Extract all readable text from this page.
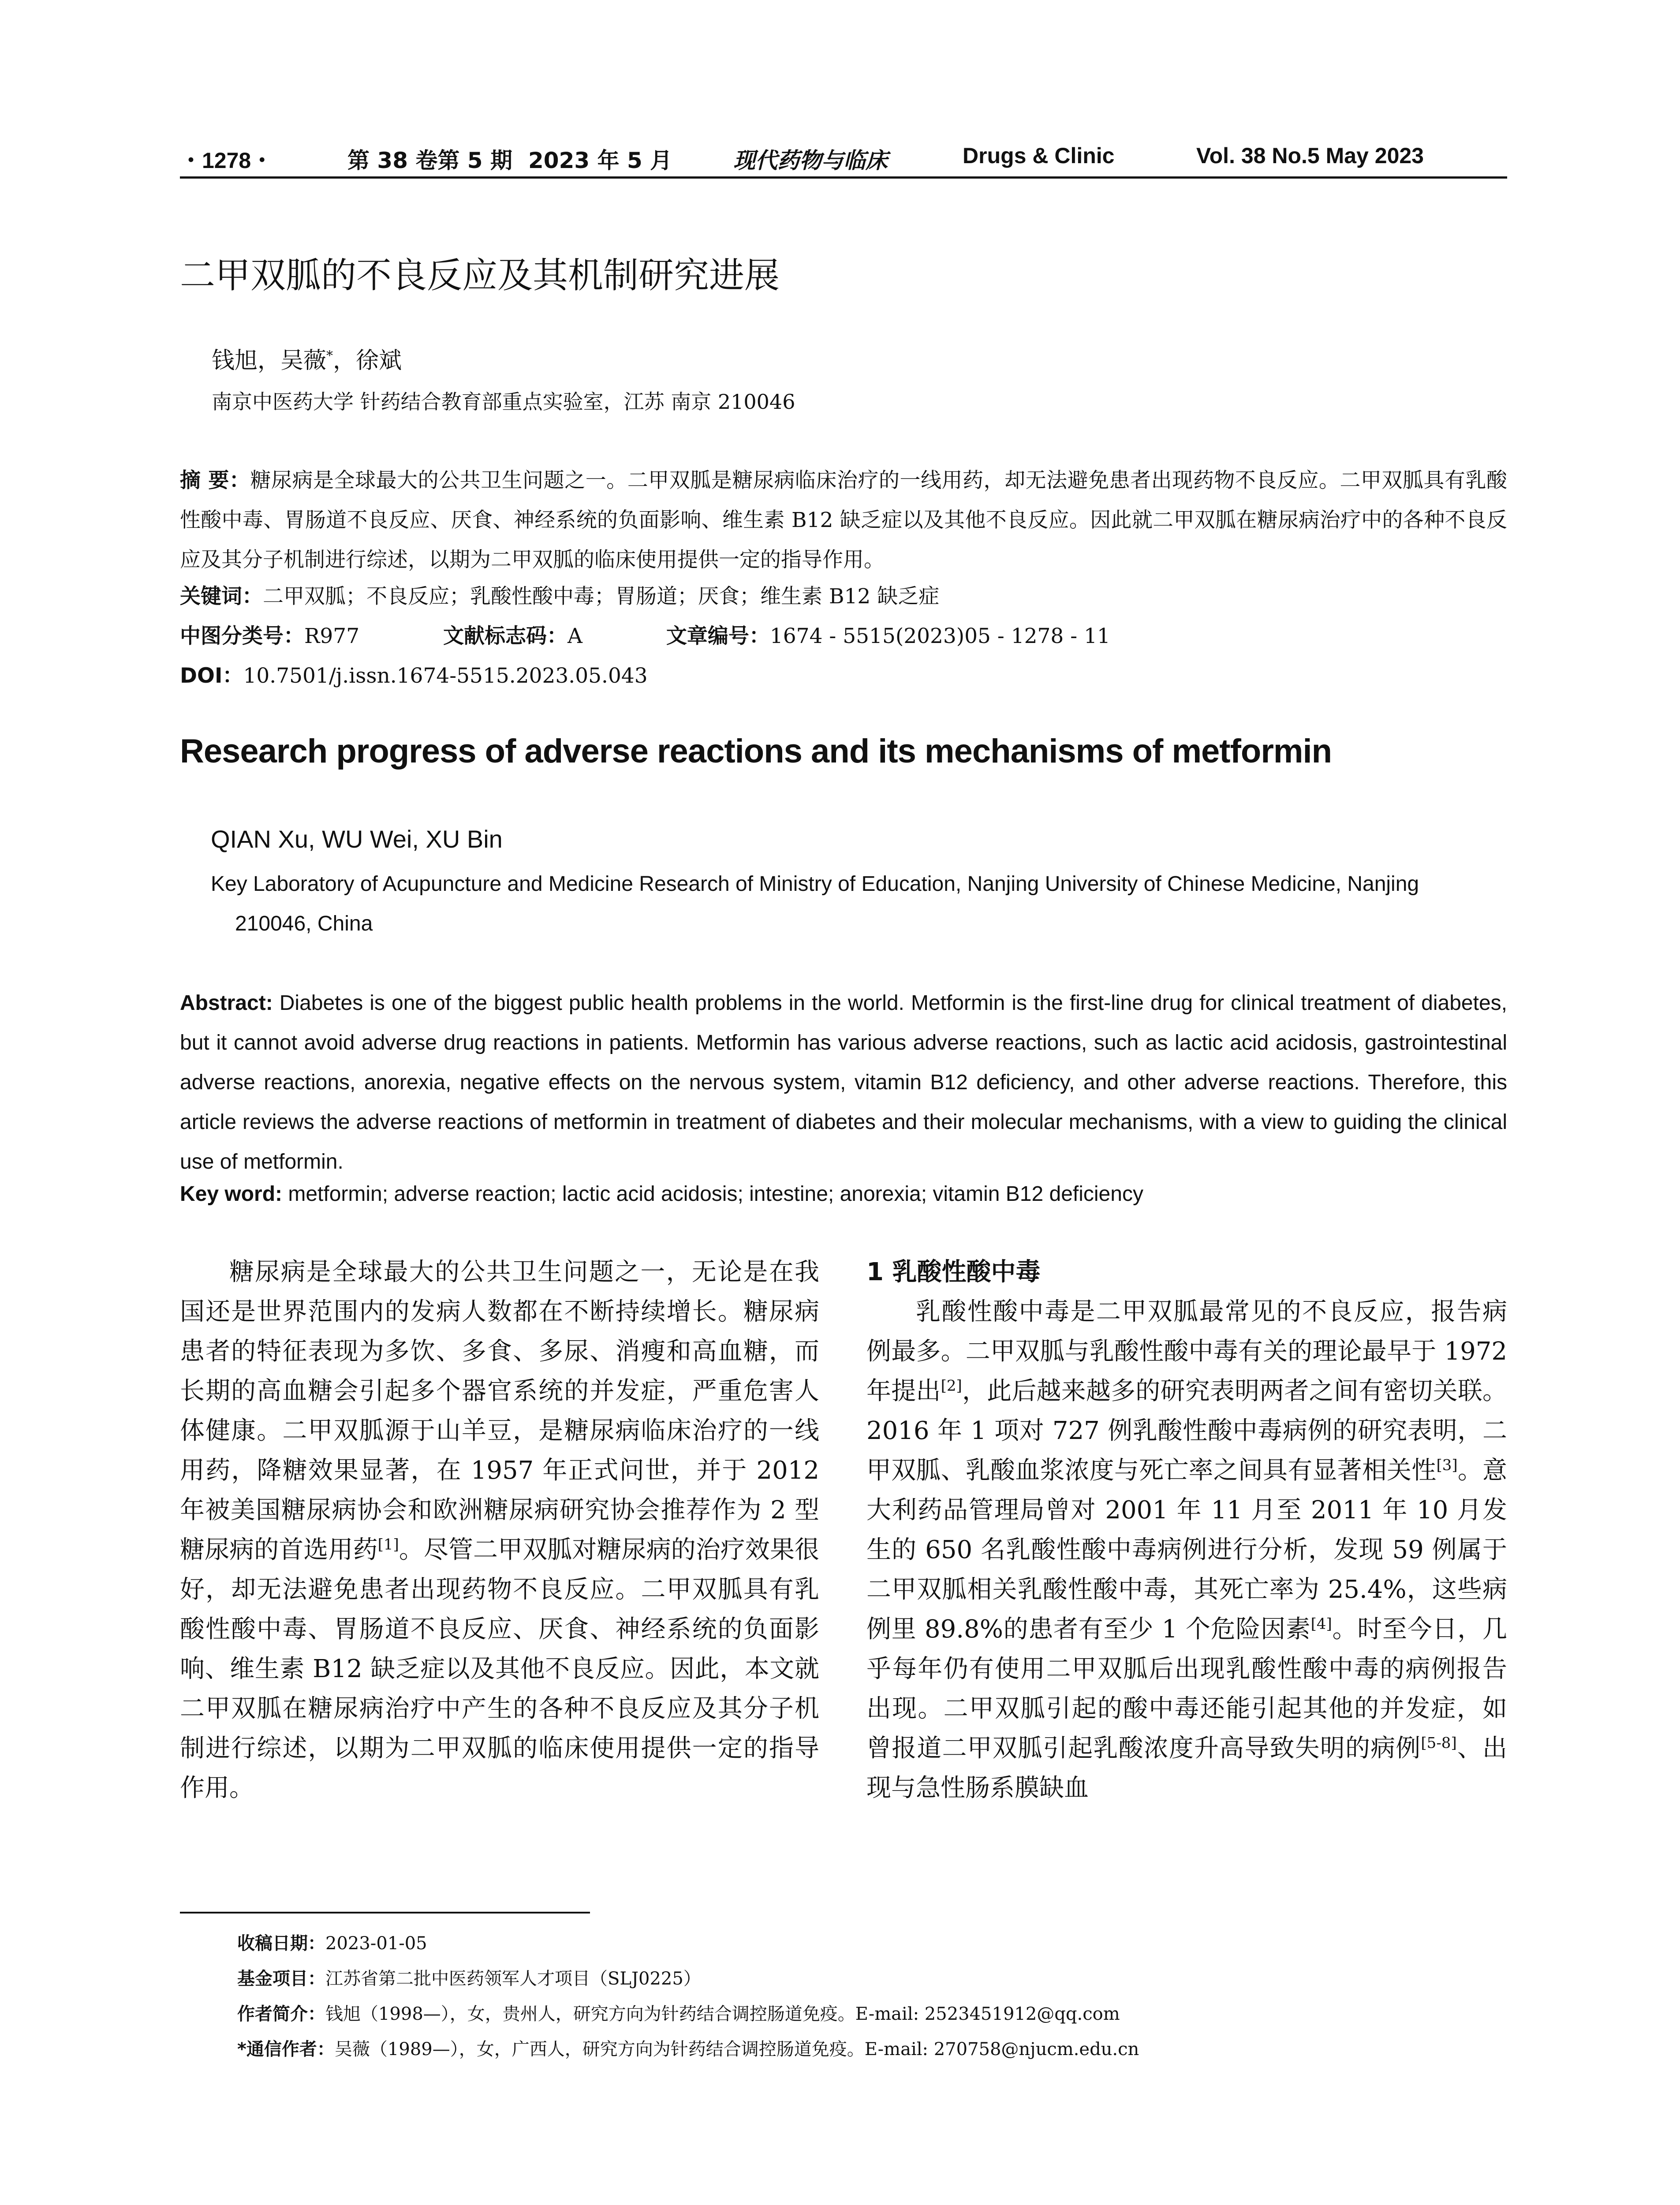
・1278・	第 38 卷第 5 期 2023 年 5 月	现代药物与临床	Drugs & Clinic	Vol. 38 No.5 May 2023
二甲双胍的不良反应及其机制研究进展
钱旭，吴薇*，徐斌
南京中医药大学 针药结合教育部重点实验室，江苏 南京 210046
摘 要：糖尿病是全球最大的公共卫生问题之一。二甲双胍是糖尿病临床治疗的一线用药，却无法避免患者出现药物不良反应。二甲双胍具有乳酸性酸中毒、胃肠道不良反应、厌食、神经系统的负面影响、维生素 B12 缺乏症以及其他不良反应。因此就二甲双胍在糖尿病治疗中的各种不良反应及其分子机制进行综述，以期为二甲双胍的临床使用提供一定的指导作用。
关键词：二甲双胍；不良反应；乳酸性酸中毒；胃肠道；厌食；维生素 B12 缺乏症
中图分类号：R977	文献标志码：A	文章编号：1674 - 5515(2023)05 - 1278 - 11
DOI：10.7501/j.issn.1674-5515.2023.05.043
Research progress of adverse reactions and its mechanisms of metformin
QIAN Xu, WU Wei, XU Bin
Key Laboratory of Acupuncture and Medicine Research of Ministry of Education, Nanjing University of Chinese Medicine, Nanjing
210046, China
Abstract: Diabetes is one of the biggest public health problems in the world. Metformin is the first-line drug for clinical treatment of diabetes, but it cannot avoid adverse drug reactions in patients. Metformin has various adverse reactions, such as lactic acid acidosis, gastrointestinal adverse reactions, anorexia, negative effects on the nervous system, vitamin B12 deficiency, and other adverse reactions. Therefore, this article reviews the adverse reactions of metformin in treatment of diabetes and their molecular mechanisms, with a view to guiding the clinical use of metformin.
Key word: metformin; adverse reaction; lactic acid acidosis; intestine; anorexia; vitamin B12 deficiency

糖尿病是全球最大的公共卫生问题之一，无论是在我国还是世界范围内的发病人数都在不断持续增长。糖尿病患者的特征表现为多饮、多食、多尿、消瘦和高血糖，而长期的高血糖会引起多个器官系统的并发症，严重危害人体健康。二甲双胍源于山羊豆，是糖尿病临床治疗的一线用药，降糖效果显著，在 1957 年正式问世，并于 2012 年被美国糖尿病协会和欧洲糖尿病研究协会推荐作为 2 型糖尿病的首选用药[1]。尽管二甲双胍对糖尿病的治疗效果很好，却无法避免患者出现药物不良反应。二甲双胍具有乳酸性酸中毒、胃肠道不良反应、厌食、神经系统的负面影响、维生素 B12 缺乏症以及其他不良反应。因此，本文就二甲双胍在糖尿病治疗中产生的各种不良反应及其分子机制进行综述，以期为二甲双胍的临床使用提供一定的指导作用。

1 乳酸性酸中毒

乳酸性酸中毒是二甲双胍最常见的不良反应，报告病例最多。二甲双胍与乳酸性酸中毒有关的理论最早于 1972 年提出[2]，此后越来越多的研究表明两者之间有密切关联。2016 年 1 项对 727 例乳酸性酸中毒病例的研究表明，二甲双胍、乳酸血浆浓度与死亡率之间具有显著相关性[3]。意大利药品管理局曾对 2001 年 11 月至 2011 年 10 月发生的 650 名乳酸性酸中毒病例进行分析，发现 59 例属于二甲双胍相关乳酸性酸中毒，其死亡率为 25.4%，这些病例里 89.8%的患者有至少 1 个危险因素[4]。时至今日，几乎每年仍有使用二甲双胍后出现乳酸性酸中毒的病例报告出现。二甲双胍引起的酸中毒还能引起其他的并发症，如曾报道二甲双胍引起乳酸浓度升高导致失明的病例[5-8]、出现与急性肠系膜缺血

收稿日期：2023-01-05
基金项目：江苏省第二批中医药领军人才项目（SLJ0225）
作者简介：钱旭（1998—），女，贵州人，研究方向为针药结合调控肠道免疫。E-mail: 2523451912@qq.com
*通信作者：吴薇（1989—），女，广西人，研究方向为针药结合调控肠道免疫。E-mail: 270758@njucm.edu.cn
